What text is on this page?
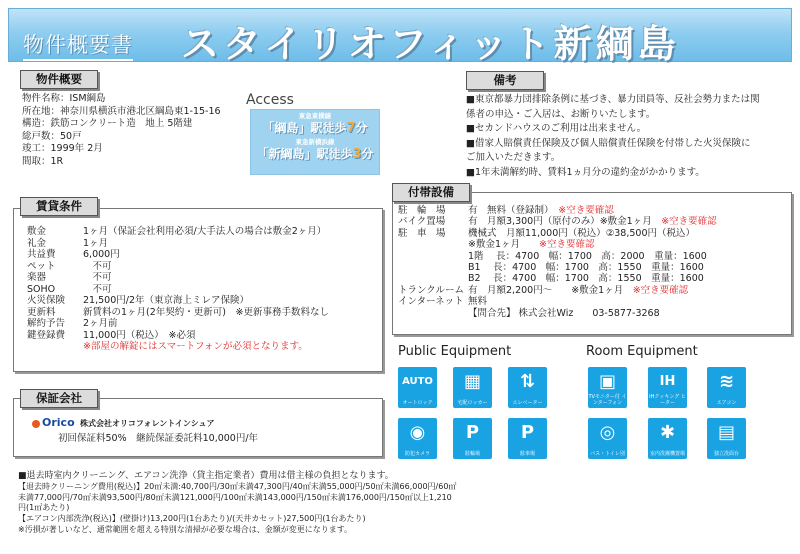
物件概要書 スタイリオフィット新綱島
物件概要
物件名称：ISM綱島
所在地：神奈川県横浜市港北区綱島東1-15-16
構造：鉄筋コンクリート造　地上 5階建
総戸数：50戸
竣工：1999年 2月
間取：1R
Access
東急東横線
「綱島」駅徒歩7分
東急新横浜線
「新綱島」駅徒歩3分
賃貸条件
敷金	1ヶ月（保証会社利用必須/大手法人の場合は敷金2ヶ月）
礼金	1ヶ月
共益費	6,000円
ペット	　不可
楽器	　不可
SOHO	　不可
火災保険	21,500円/2年（東京海上ミレア保険）
更新料	新賃料の1ヶ月(2年契約・更新可)　※更新事務手数料なし
解約予告	2ヶ月前
鍵登録費	11,000円（税込）　※必須
※部屋の解錠にはスマートフォンが必須となります。
保証会社
Orico 株式会社オリコフォレントインシュア
初回保証料50%　継続保証委託料10,000円/年
備考
■東京都暴力団排除条例に基づき、暴力団員等、反社会勢力または関
係者の申込・ご入居は、お断りいたします。
■セカンドハウスのご利用は出来ません。
■借家人賠償責任保険及び個人賠償責任保険を付帯した火災保険に
ご加入いただきます。
■1年未満解約時、賃料1ヵ月分の違約金がかかります。
付帯設備
駐　輪　場 有　無料（登録制）　 ※空き要確認
バイク置場 有　月額3,300円（原付のみ）※敷金1ヶ月　 ※空き要確認
駐　車　場 機械式　月額11,000円（税込）②38,500円（税込）
※敷金1ヶ月　　 ※空き要確認
1階　 長：4700　幅：1700　高：2000　重量：1600
B1　 長：4700　幅：1700　高：1550　重量：1600
B2　 長：4700　幅：1700　高：1550　重量：1600
トランクルーム 有　月額2,200円～　　※敷金1ヶ月　 ※空き要確認
インターネット 無料
【問合先】 株式会社Wiz　　03-5877-3268
Public Equipment
AUTO
オートロック
▦
宅配ロッカー
⇅
エレベーター
◉
防犯カメラ
P
駐輪場
P
駐車場
Room Equipment
▣
TVモニター付 インターフォン
IH
IHクッキング ヒーター
≋
エアコン
◎
バス・トイレ別
✱
室内洗濯機置場
▤
独立洗面台
■退去時室内クリーニング、エアコン洗浄（貸主指定業者）費用は借主様の負担となります。
【退去時クリーニング費用(税込)】20㎡未満:40,700円/30㎡未満47,300円/40㎡未満55,000円/50㎡未満66,000円/60㎡
未満77,000円/70㎡未満93,500円/80㎡未満121,000円/100㎡未満143,000円/150㎡未満176,000円/150㎡以上1,210
円(1㎡あたり)
【エアコン内部洗浄(税込)】(壁掛け)13,200円(1台あたり)/(天井カセット)27,500円(1台あたり)
※汚損が著しいなど、通常範囲を超える特別な清掃が必要な場合は、金額が変更になります。
